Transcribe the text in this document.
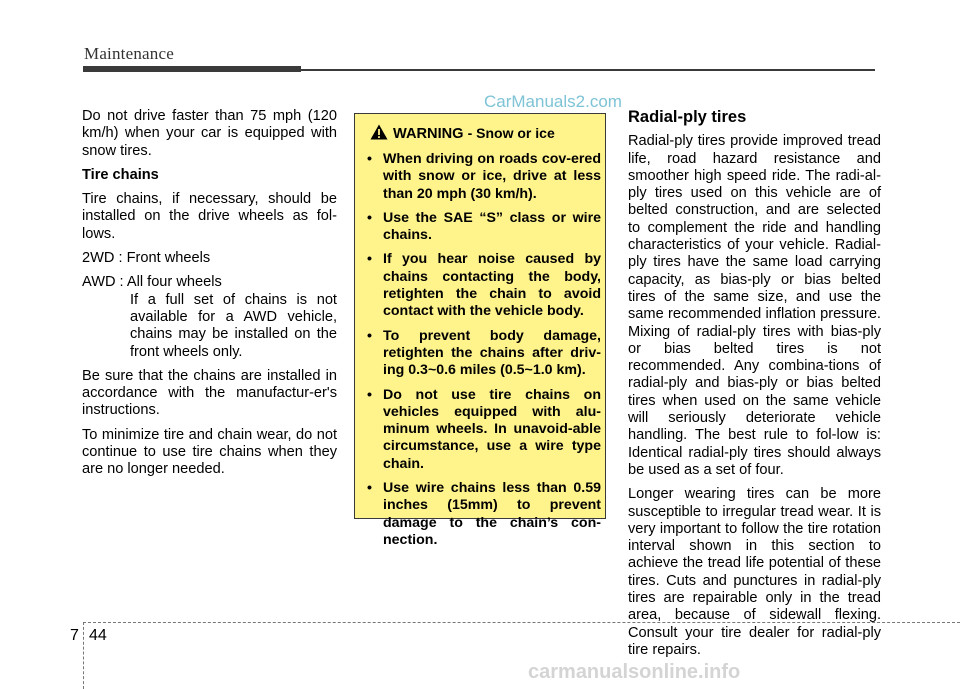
Maintenance
CarManuals2.com

Do not drive faster than 75 mph (120 km/h) when your car is equipped with snow tires.

Tire chains

Tire chains, if necessary, should be installed on the drive wheels as fol-lows.

2WD : Front wheels

AWD : All four wheels

If a full set of chains is not available for a AWD vehicle, chains may be installed on the front wheels only.

Be sure that the chains are installed in accordance with the manufactur-er's instructions.

To minimize tire and chain wear, do not continue to use tire chains when they are no longer needed.

WARNING - Snow or ice
• When driving on roads cov-ered with snow or ice, drive at less than 20 mph (30 km/h).
• Use the SAE “S” class or wire chains.
• If you hear noise caused by chains contacting the body, retighten the chain to avoid contact with the vehicle body.
• To prevent body damage, retighten the chains after driv-ing 0.3~0.6 miles (0.5~1.0 km).
• Do not use tire chains on vehicles equipped with alu-minum wheels. In unavoid-able circumstance, use a wire type chain.
• Use wire chains less than 0.59 inches (15mm) to prevent damage to the chain’s con-nection.
Radial-ply tires

Radial-ply tires provide improved tread life, road hazard resistance and smoother high speed ride. The radi-al-ply tires used on this vehicle are of belted construction, and are selected to complement the ride and handling characteristics of your vehicle. Radial-ply tires have the same load carrying capacity, as bias-ply or bias belted tires of the same size, and use the same recommended inflation pressure. Mixing of radial-ply tires with bias-ply or bias belted tires is not recommended. Any combina-tions of radial-ply and bias-ply or bias belted tires when used on the same vehicle will seriously deteriorate vehicle handling. The best rule to fol-low is: Identical radial-ply tires should always be used as a set of four.

Longer wearing tires can be more susceptible to irregular tread wear. It is very important to follow the tire rotation interval shown in this section to achieve the tread life potential of these tires. Cuts and punctures in radial-ply tires are repairable only in the tread area, because of sidewall flexing. Consult your tire dealer for radial-ply tire repairs.

7 44
carmanualsonline.info
